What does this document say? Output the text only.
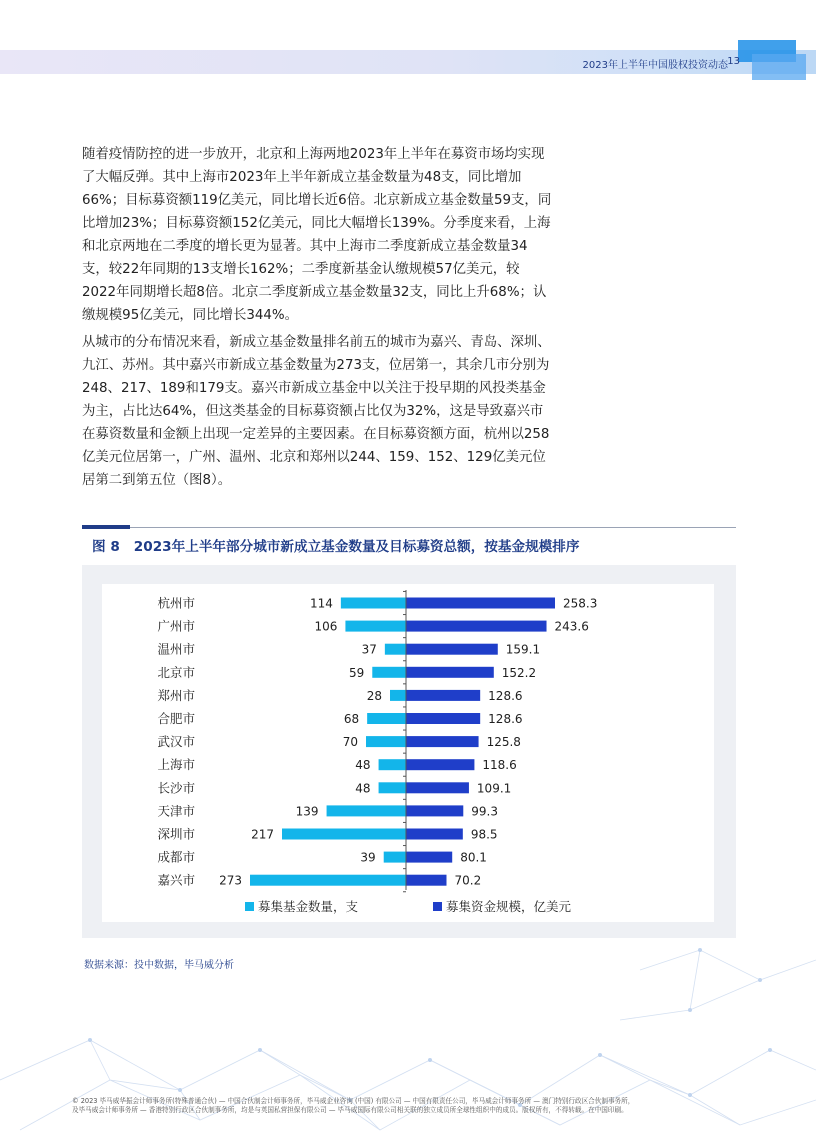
2023年上半年中国股权投资动态 13

随着疫情防控的进一步放开，北京和上海两地2023年上半年在募资市场均实现了大幅反弹。其中上海市2023年上半年新成立基金数量为48支，同比增加66%；目标募资额119亿美元，同比增长近6倍。北京新成立基金数量59支，同比增加23%；目标募资额152亿美元，同比大幅增长139%。分季度来看，上海和北京两地在二季度的增长更为显著。其中上海市二季度新成立基金数量34支，较22年同期的13支增长162%；二季度新基金认缴规模57亿美元，较2022年同期增长超8倍。北京二季度新成立基金数量32支，同比上升68%；认缴规模95亿美元，同比增长344%。

从城市的分布情况来看，新成立基金数量排名前五的城市为嘉兴、青岛、深圳、九江、苏州。其中嘉兴市新成立基金数量为273支，位居第一，其余几市分别为248、217、189和179支。嘉兴市新成立基金中以关注于投早期的风投类基金为主，占比达64%，但这类基金的目标募资额占比仅为32%，这是导致嘉兴市在募资数量和金额上出现一定差异的主要因素。在目标募资额方面，杭州以258亿美元位居第一，广州、温州、北京和郑州以244、159、152、129亿美元位居第二到第五位（图8）。

图 8 2023年上半年部分城市新成立基金数量及目标募资总额，按基金规模排序
杭州市	114	258.3
广州市	106	243.6
温州市	37	159.1
北京市	59	152.2
郑州市	28	128.6
合肥市	68	128.6
武汉市	70	125.8
上海市	48	118.6
长沙市	48	109.1
天津市	139	99.3
深圳市	217	98.5
成都市	39	80.1
嘉兴市 273	70.2
募集基金数量，支	募集资金规模，亿美元
数据来源：投中数据，毕马威分析
© 2023 毕马威华振会计师事务所(特殊普通合伙) — 中国合伙制会计师事务所，毕马威企业咨询 (中国) 有限公司 — 中国有限责任公司，毕马威会计师事务所 — 澳门特别行政区合伙制事务所，
及毕马威会计师事务所 — 香港特别行政区合伙制事务所，均是与英国私营担保有限公司 — 毕马威国际有限公司相关联的独立成员所全球性组织中的成员。版权所有，不得转载。在中国印刷。
